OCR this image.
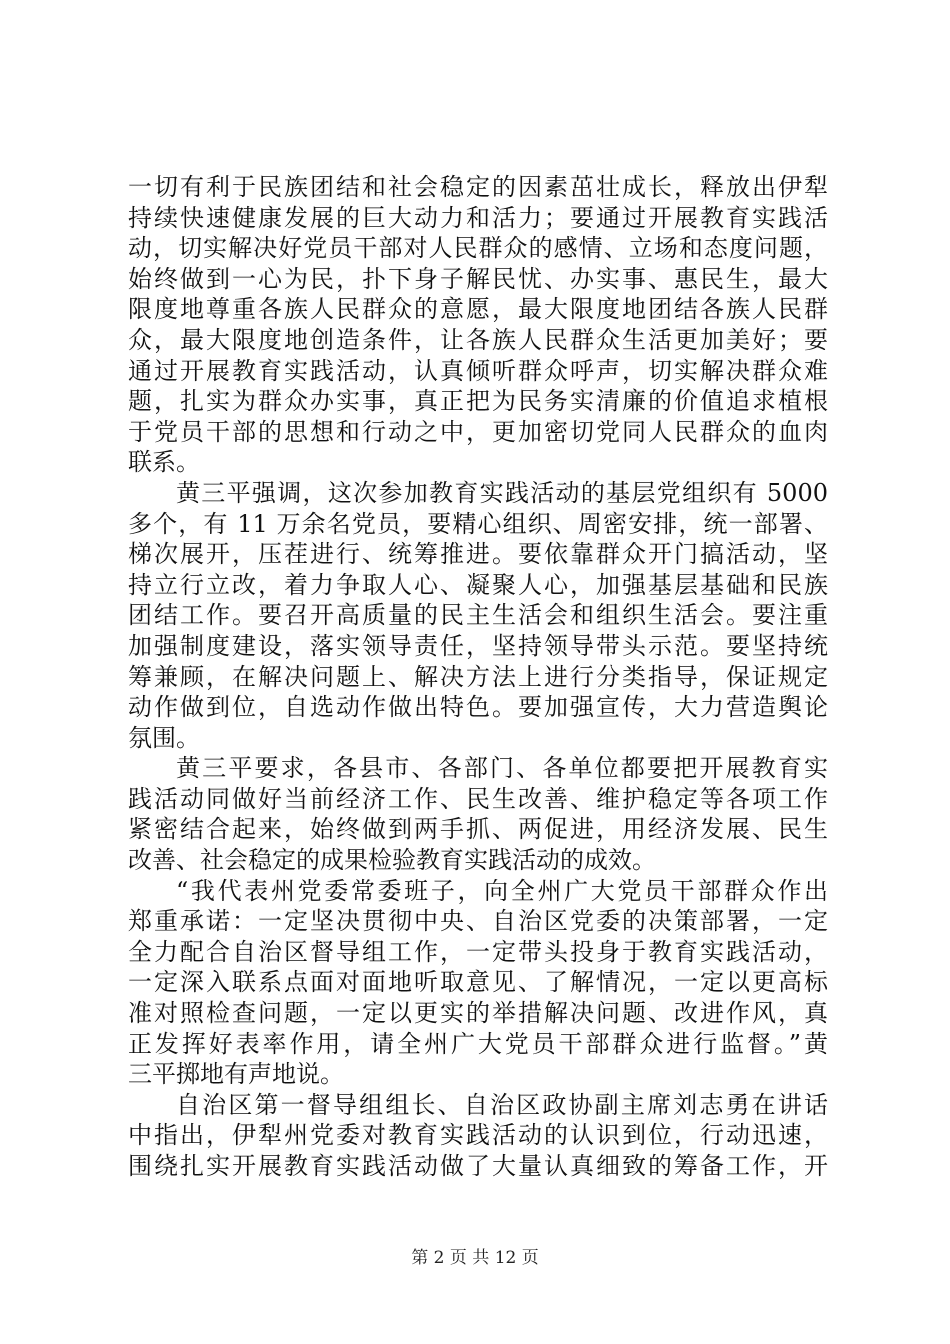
一切有利于民族团结和社会稳定的因素茁壮成长，释放出伊犁
持续快速健康发展的巨大动力和活力；要通过开展教育实践活
动，切实解决好党员干部对人民群众的感情、立场和态度问题，
始终做到一心为民，扑下身子解民忧、办实事、惠民生，最大
限度地尊重各族人民群众的意愿，最大限度地团结各族人民群
众，最大限度地创造条件，让各族人民群众生活更加美好；要
通过开展教育实践活动，认真倾听群众呼声，切实解决群众难
题，扎实为群众办实事，真正把为民务实清廉的价值追求植根
于党员干部的思想和行动之中，更加密切党同人民群众的血肉
联系。
黄三平强调，这次参加教育实践活动的基层党组织有 5000
多个，有 11 万余名党员，要精心组织、周密安排，统一部署、
梯次展开，压茬进行、统筹推进。要依靠群众开门搞活动，坚
持立行立改，着力争取人心、凝聚人心，加强基层基础和民族
团结工作。要召开高质量的民主生活会和组织生活会。要注重
加强制度建设，落实领导责任，坚持领导带头示范。要坚持统
筹兼顾，在解决问题上、解决方法上进行分类指导，保证规定
动作做到位，自选动作做出特色。要加强宣传，大力营造舆论
氛围。
黄三平要求，各县市、各部门、各单位都要把开展教育实
践活动同做好当前经济工作、民生改善、维护稳定等各项工作
紧密结合起来，始终做到两手抓、两促进，用经济发展、民生
改善、社会稳定的成果检验教育实践活动的成效。
“我代表州党委常委班子，向全州广大党员干部群众作出
郑重承诺：一定坚决贯彻中央、自治区党委的决策部署，一定
全力配合自治区督导组工作，一定带头投身于教育实践活动，
一定深入联系点面对面地听取意见、了解情况，一定以更高标
准对照检查问题，一定以更实的举措解决问题、改进作风，真
正发挥好表率作用，请全州广大党员干部群众进行监督。”黄
三平掷地有声地说。
自治区第一督导组组长、自治区政协副主席刘志勇在讲话
中指出，伊犁州党委对教育实践活动的认识到位，行动迅速，
围绕扎实开展教育实践活动做了大量认真细致的筹备工作，开
第 2 页 共 12 页
